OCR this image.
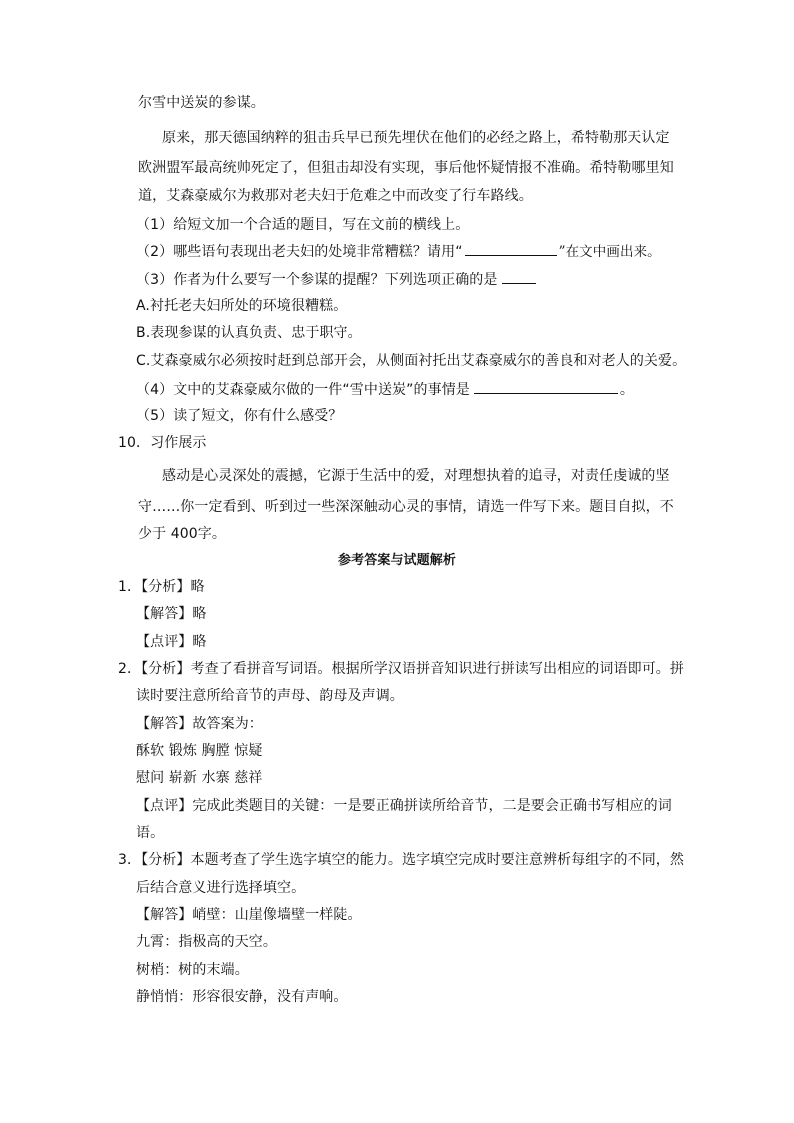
尔雪中送炭的参谋。
原来，那天德国纳粹的狙击兵早已预先埋伏在他们的必经之路上，希特勒那天认定
欧洲盟军最高统帅死定了，但狙击却没有实现，事后他怀疑情报不准确。希特勒哪里知
道，艾森豪威尔为救那对老夫妇于危难之中而改变了行车路线。
（1）给短文加一个合适的题目，写在文前的横线上。
（2）哪些语句表现出老夫妇的处境非常糟糕？请用“	”在文中画出来。
（3）作者为什么要写一个参谋的提醒？下列选项正确的是
A.衬托老夫妇所处的环境很糟糕。
B.表现参谋的认真负责、忠于职守。
C.艾森豪威尔必须按时赶到总部开会，从侧面衬托出艾森豪威尔的善良和对老人的关爱。
（4）文中的艾森豪威尔做的一件“雪中送炭”的事情是	。
（5）读了短文，你有什么感受？
10．习作展示
感动是心灵深处的震撼，它源于生活中的爱，对理想执着的追寻，对责任虔诚的坚
守……你一定看到、听到过一些深深触动心灵的事情，请选一件写下来。题目自拟，不
少于 400字。
参考答案与试题解析
1．【分析】略
【解答】略
【点评】略
2．【分析】考查了看拼音写词语。根据所学汉语拼音知识进行拼读写出相应的词语即可。拼
读时要注意所给音节的声母、韵母及声调。
【解答】故答案为：
酥软 锻炼 胸膛 惊疑
慰问 崭新 水寨 慈祥
【点评】完成此类题目的关键：一是要正确拼读所给音节，二是要会正确书写相应的词
语。
3．【分析】本题考查了学生选字填空的能力。选字填空完成时要注意辨析每组字的不同，然
后结合意义进行选择填空。
【解答】峭壁：山崖像墙壁一样陡。
九霄：指极高的天空。
树梢：树的末端。
静悄悄：形容很安静，没有声响。
